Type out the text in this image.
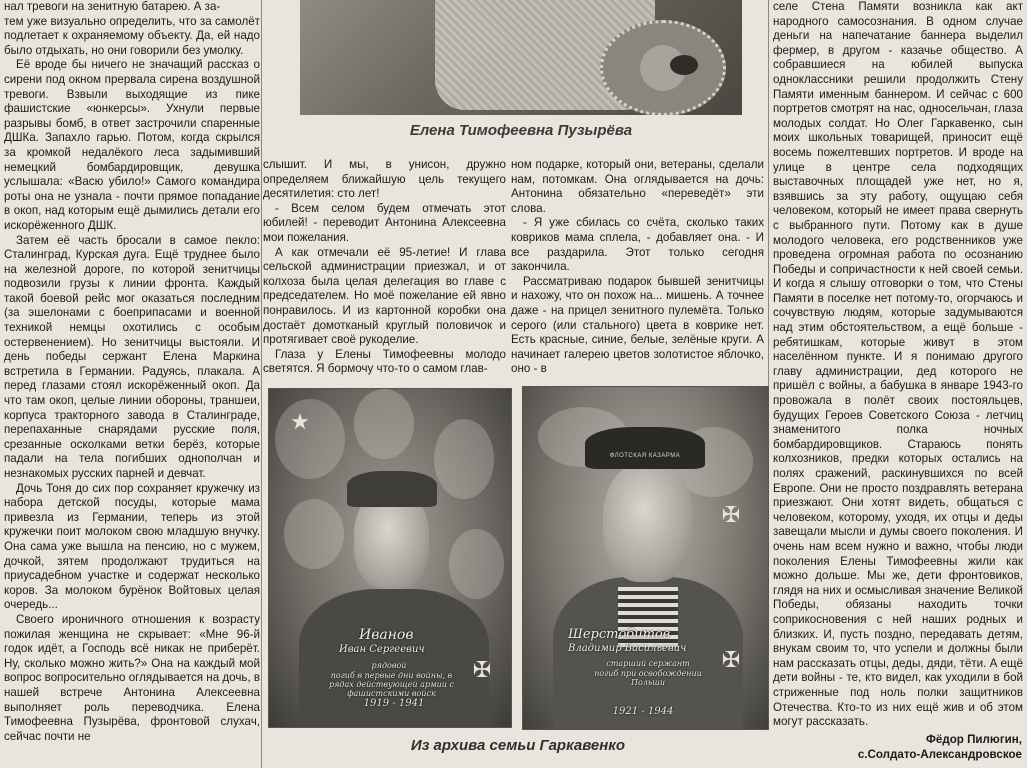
нал тревоги на зенитную батарею. А за-

тем уже визуально определить, что за самолёт подлетает к охраняемому объекту. Да, ей надо было отдыхать, но они говорили без умолку.

Её вроде бы ничего не значащий рассказ о сирени под окном прервала сирена воздушной тревоги. Взвыли выходящие из пике фашистские «юнкерсы». Ухнули первые разрывы бомб, в ответ застрочили спаренные ДШКа. Запахло гарью. Потом, когда скрылся за кромкой недалёкого леса задымивший немецкий бомбардировщик, девушка услышала: «Васю убило!» Самого командира роты она не узнала - почти прямое попадание в окоп, над которым ещё дымились детали его искорёженного ДШК.

Затем её часть бросали в самое пекло: Сталинград, Курская дуга. Ещё труднее было на железной дороге, по которой зенитчицы подвозили грузы к линии фронта. Каждый такой боевой рейс мог оказаться последним (за эшелонами с боеприпасами и военной техникой немцы охотились с особым остервенением). Но зенитчицы выстояли. И день победы сержант Елена Маркина встретила в Германии. Радуясь, плакала. А перед глазами стоял искорёженный окоп. Да что там окоп, целые линии обороны, траншеи, корпуса тракторного завода в Сталинграде, перепаханные снарядами русские поля, срезанные осколками ветки берёз, которые падали на тела погибших однополчан и незнакомых русских парней и девчат.

Дочь Тоня до сих пор сохраняет кружечку из набора детской посуды, которые мама привезла из Германии, теперь из этой кружечки поит молоком свою младшую внучку. Она сама уже вышла на пенсию, но с мужем, дочкой, зятем продолжают трудиться на приусадебном участке и содержат несколько коров. За молоком бурёнок Войтовых целая очередь...

Своего ироничного отношения к возрасту пожилая женщина не скрывает: «Мне 96-й годок идёт, а Господь всё никак не приберёт. Ну, сколько можно жить?» Она на каждый мой вопрос вопросительно оглядывается на дочь, в нашей встрече Антонина Алексеевна выполняет роль переводчика. Елена Тимофеевна Пузырёва, фронтовой слухач, сейчас почти не

Елена Тимофеевна Пузырёва

слышит. И мы, в унисон, дружно определяем ближайшую цель текущего десятилетия: сто лет!

- Всем селом будем отмечать этот юбилей! - переводит Антонина Алексеевна мои пожелания.

А как отмечали её 95-летие! И глава сельской администрации приезжал, и от колхоза была целая делегация во главе с председателем. Но моё пожелание ей явно понравилось. И из картонной коробки она достаёт домотканый круглый половичок и протягивает своё рукоделие.

Глаза у Елены Тимофеевны молодо светятся. Я бормочу что-то о самом глав-

ном подарке, который они, ветераны, сделали нам, потомкам. Она оглядывается на дочь: Антонина обязательно «переведёт» эти слова.

- Я уже сбилась со счёта, сколько таких ковриков мама сплела, - добавляет она. - И все раздарила. Этот только сегодня закончила.

Рассматриваю подарок бывшей зенитчицы и нахожу, что он похож на... мишень. А точнее даже - на прицел зенитного пулемёта. Только серого (или стального) цвета в коврике нет. Есть красные, синие, белые, зелёные круги. А начинает галерею цветов золотистое яблочко, оно - в

★
Иванов
Иван Сергеевич
рядовой
погиб в первые дни войны, в рядах действующей армии с фашистскими войск
1919 - 1941
✠
ФЛОТСКАЯ КАЗАРМА
✠
Шерстобитов
Владимир Васильевич
старший сержант
погиб при освобождении Польши
1921 - 1944
✠
Из архива семьи Гаркавенко

селе Стена Памяти возникла как акт народного самосознания. В одном случае деньги на напечатание баннера выделил фермер, в другом - казачье общество. А собравшиеся на юбилей выпуска однокласcники решили продолжить Стену Памяти именным баннером. И сейчас с 600 портретов смотрят на нас, односельчан, глаза молодых солдат. Но Олег Гаркавенко, сын моих школьных товарищей, приносит ещё восемь пожелтевших портретов. И вроде на улице в центре села подходящих выставочных площадей уже нет, но я, взявшись за эту работу, ощущаю себя человеком, который не имеет права свернуть с выбранного пути. Потому как в душе молодого человека, его родственников уже проведена огромная работа по осознанию Победы и сопричастности к ней своей семьи. И когда я слышу отговорки о том, что Стены Памяти в поселке нет потому-то, огорчаюсь и сочувствую людям, которые задумываются над этим обстоятельством, а ещё больше - ребятишкам, которые живут в этом населённом пункте. И я понимаю другого главу администрации, дед которого не пришёл с войны, а бабушка в январе 1943-го провожала в полёт своих постояльцев, будущих Героев Советского Союза - летчиц знаменитого полка ночных бомбардировщиков. Стараюсь понять колхозников, предки которых остались на полях сражений, раскинувшихся по всей Европе. Они не просто поздравлять ветерана приезжают. Они хотят видеть, общаться с человеком, которому, уходя, их отцы и деды завещали мысли и думы своего поколения. И очень нам всем нужно и важно, чтобы люди поколения Елены Тимофеевны жили как можно дольше. Мы же, дети фронтовиков, глядя на них и осмысливая значение Великой Победы, обязаны находить точки соприкосновения с ней наших родных и близких. И, пусть поздно, передавать детям, внукам своим то, что успели и должны были нам рассказать отцы, деды, дяди, тёти. А ещё дети войны - те, кто видел, как уходили в бой стриженные под ноль полки защитников Отечества. Кто-то из них ещё жив и об этом могут рассказать.

Фёдор Пилюгин,
с.Солдато-Александровское
